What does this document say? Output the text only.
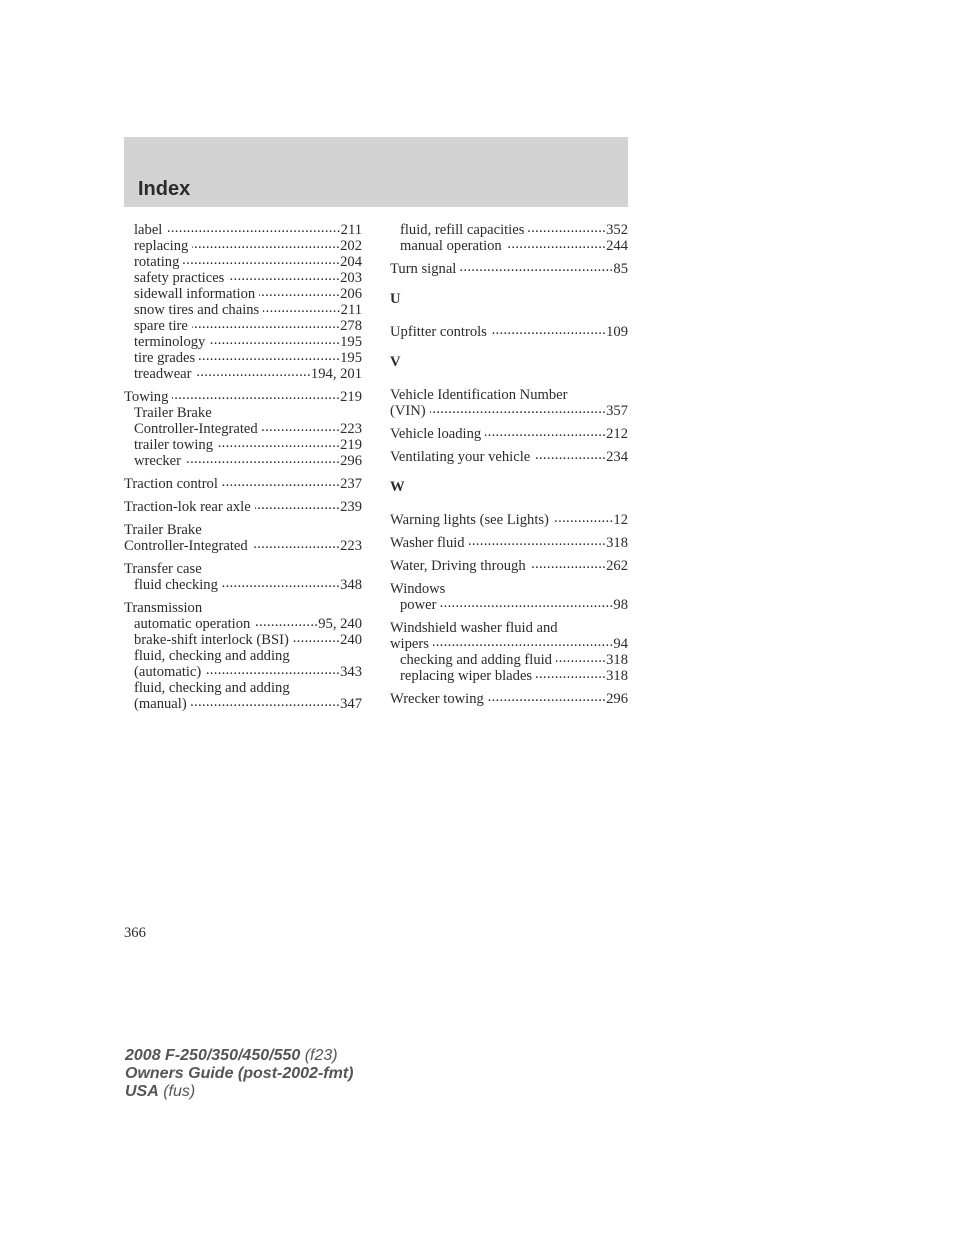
Index
label .....	211
replacing .....	202
rotating .....	204
safety practices .....	203
sidewall information .....	206
snow tires and chains .....	211
spare tire .....	278
terminology .....	195
tire grades .....	195
treadwear .....	194, 201
Towing .....	219
Trailer Brake
Controller-Integrated .....	223
trailer towing .....	219
wrecker .....	296
Traction control .....	237
Traction-lok rear axle .....	239
Trailer Brake
Controller-Integrated .....	223
Transfer case
fluid checking .....	348
Transmission
automatic operation .....	95, 240
brake-shift interlock (BSI) .....	240
fluid, checking and adding
(automatic) .....	343
fluid, checking and adding
(manual) .....	347
fluid, refill capacities .....	352
manual operation .....	244
Turn signal .....	85
U
Upfitter controls .....	109
V
Vehicle Identification Number
(VIN) .....	357
Vehicle loading .....	212
Ventilating your vehicle .....	234
W
Warning lights (see Lights) .....	12
Washer fluid .....	318
Water, Driving through .....	262
Windows
power .....	98
Windshield washer fluid and
wipers .....	94
checking and adding fluid .....	318
replacing wiper blades .....	318
Wrecker towing .....	296
366
2008 F-250/350/450/550 (f23)
Owners Guide (post-2002-fmt)
USA (fus)
